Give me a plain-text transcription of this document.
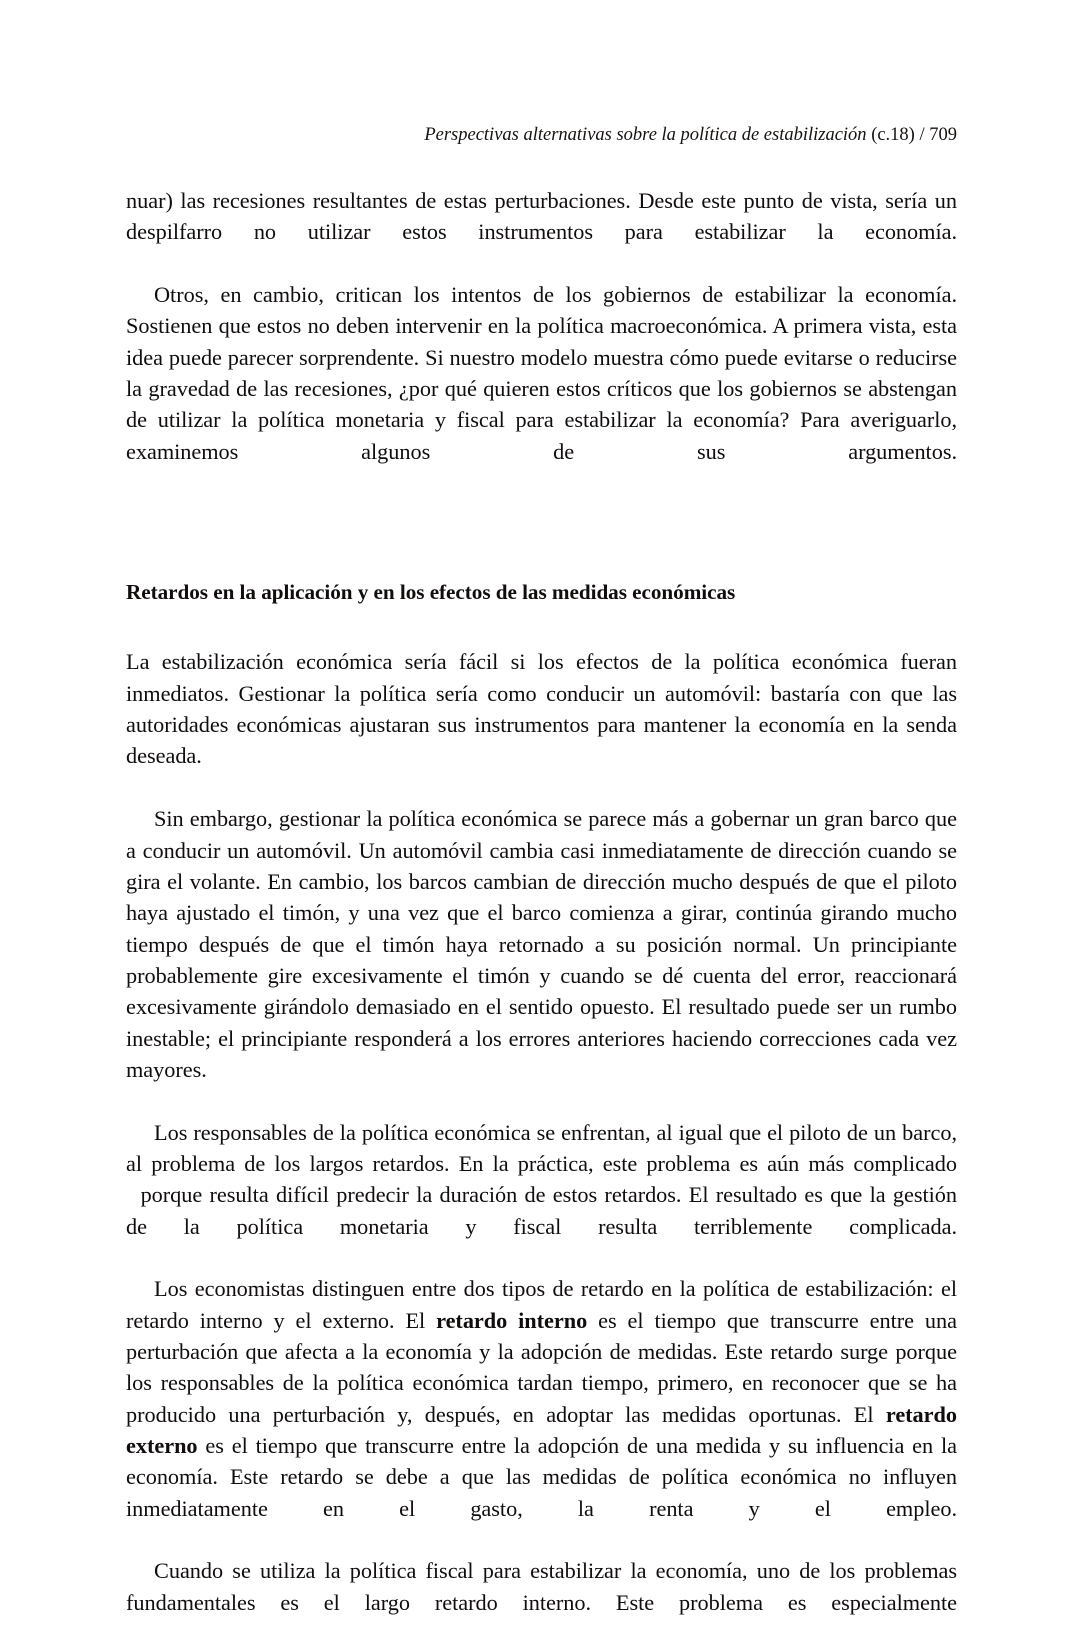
Perspectivas alternativas sobre la política de estabilización (c.18) / 709

nuar) las recesiones resultantes de estas perturbaciones. Desde este punto de vista, sería un despilfarro no utilizar estos instrumentos para estabilizar la economía.

Otros, en cambio, critican los intentos de los gobiernos de estabilizar la economía. Sostienen que estos no deben intervenir en la política macroeconómica. A primera vista, esta idea puede parecer sorprendente. Si nuestro modelo muestra cómo puede evitarse o reducirse la gravedad de las recesiones, ¿por qué quieren estos críticos que los gobiernos se abstengan de utilizar la política monetaria y fiscal para estabilizar la economía? Para averiguarlo, examinemos algunos de sus argumentos.

Retardos en la aplicación y en los efectos de las medidas económicas

La estabilización económica sería fácil si los efectos de la política económica fueran inmediatos. Gestionar la política sería como conducir un automóvil: bastaría con que las autoridades económicas ajustaran sus instrumentos para mantener la economía en la senda deseada.

Sin embargo, gestionar la política económica se parece más a gobernar un gran barco que a conducir un automóvil. Un automóvil cambia casi inmediatamente de dirección cuando se gira el volante. En cambio, los barcos cambian de dirección mucho después de que el piloto haya ajustado el timón, y una vez que el barco comienza a girar, continúa girando mucho tiempo después de que el timón haya retornado a su posición normal. Un principiante probablemente gire excesivamente el timón y cuando se dé cuenta del error, reaccionará excesivamente girándolo demasiado en el sentido opuesto. El resultado puede ser un rumbo inestable; el principiante responderá a los errores anteriores haciendo correcciones cada vez mayores.

Los responsables de la política económica se enfrentan, al igual que el piloto de un barco, al problema de los largos retardos. En la práctica, este problema es aún más complicado  porque resulta difícil predecir la duración de estos retardos. El resultado es que la gestión de la política monetaria y fiscal resulta terriblemente complicada.

Los economistas distinguen entre dos tipos de retardo en la política de estabilización: el retardo interno y el externo. El retardo interno es el tiempo que transcurre entre una perturbación que afecta a la economía y la adopción de medidas. Este retardo surge porque los responsables de la política económica tardan tiempo, primero, en reconocer que se ha producido una perturbación y, después, en adoptar las medidas oportunas. El retardo externo es el tiempo que transcurre entre la adopción de una medida y su influencia en la economía. Este retardo se debe a que las medidas de política económica no influyen inmediatamente en el gasto, la renta y el empleo.

Cuando se utiliza la política fiscal para estabilizar la economía, uno de los problemas fundamentales es el largo retardo interno. Este problema es especialmente
